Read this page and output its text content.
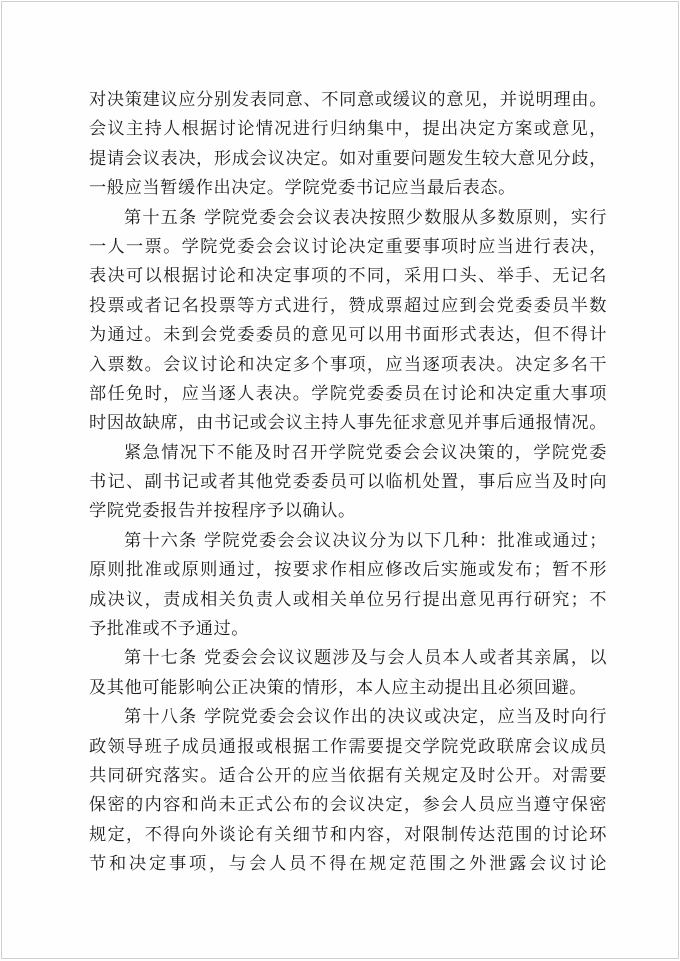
对决策建议应分别发表同意、不同意或缓议的意见，并说明理由。
会议主持人根据讨论情况进行归纳集中，提出决定方案或意见，
提请会议表决，形成会议决定。如对重要问题发生较大意见分歧，
一般应当暂缓作出决定。学院党委书记应当最后表态。
第十五条 学院党委会会议表决按照少数服从多数原则，实行
一人一票。学院党委会会议讨论决定重要事项时应当进行表决，
表决可以根据讨论和决定事项的不同，采用口头、举手、无记名
投票或者记名投票等方式进行，赞成票超过应到会党委委员半数
为通过。未到会党委委员的意见可以用书面形式表达，但不得计
入票数。会议讨论和决定多个事项，应当逐项表决。决定多名干
部任免时，应当逐人表决。学院党委委员在讨论和决定重大事项
时因故缺席，由书记或会议主持人事先征求意见并事后通报情况。
紧急情况下不能及时召开学院党委会会议决策的，学院党委
书记、副书记或者其他党委委员可以临机处置，事后应当及时向
学院党委报告并按程序予以确认。
第十六条 学院党委会会议决议分为以下几种：批准或通过；
原则批准或原则通过，按要求作相应修改后实施或发布；暂不形
成决议，责成相关负责人或相关单位另行提出意见再行研究；不
予批准或不予通过。
第十七条 党委会会议议题涉及与会人员本人或者其亲属，以
及其他可能影响公正决策的情形，本人应主动提出且必须回避。
第十八条 学院党委会会议作出的决议或决定，应当及时向行
政领导班子成员通报或根据工作需要提交学院党政联席会议成员
共同研究落实。适合公开的应当依据有关规定及时公开。对需要
保密的内容和尚未正式公布的会议决定，参会人员应当遵守保密
规定，不得向外谈论有关细节和内容，对限制传达范围的讨论环
节和决定事项，与会人员不得在规定范围之外泄露会议讨论
